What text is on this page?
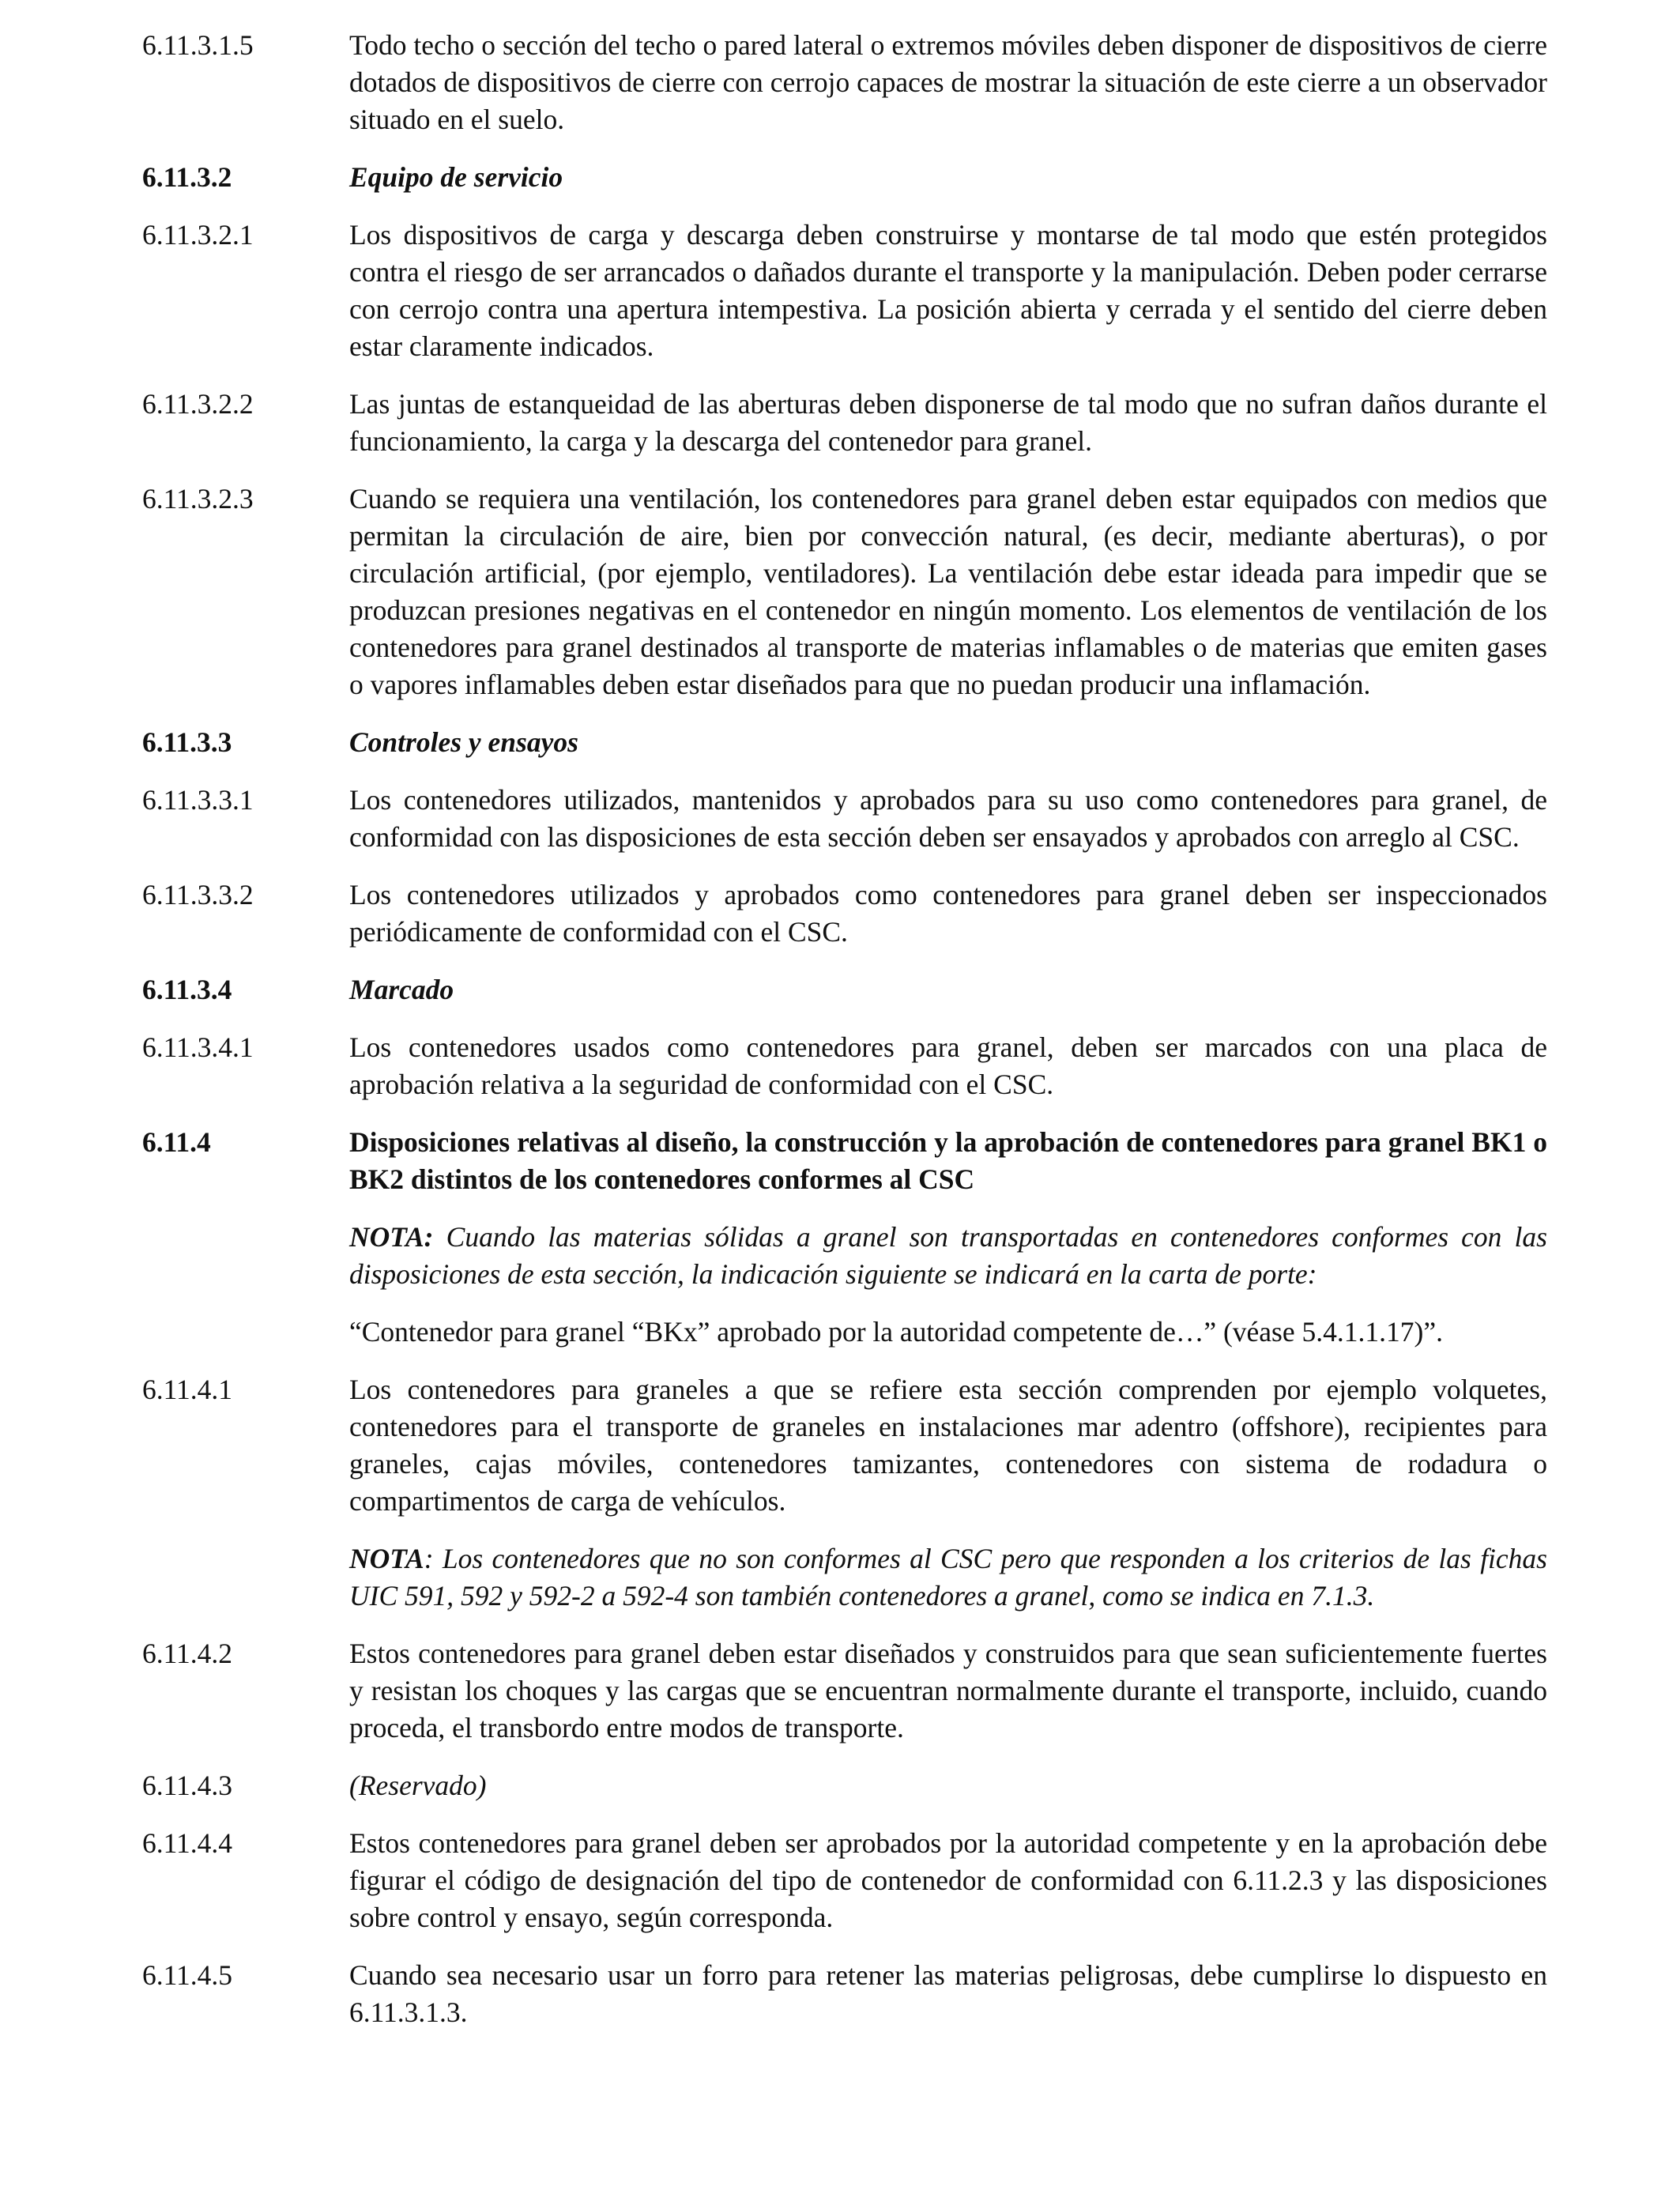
6.11.3.1.5	Todo techo o sección del techo o pared lateral o extremos móviles deben disponer de dispositivos de cierre dotados de dispositivos de cierre con cerrojo capaces de mostrar la situación de este cierre a un observador situado en el suelo.
6.11.3.2	Equipo de servicio
6.11.3.2.1	Los dispositivos de carga y descarga deben construirse y montarse de tal modo que estén protegidos contra el riesgo de ser arrancados o dañados durante el transporte y la manipulación. Deben poder cerrarse con cerrojo contra una apertura intempestiva. La posición abierta y cerrada y el sentido del cierre deben estar claramente indicados.
6.11.3.2.2	Las juntas de estanqueidad de las aberturas deben disponerse de tal modo que no sufran daños durante el funcionamiento, la carga y la descarga del contenedor para granel.
6.11.3.2.3	Cuando se requiera una ventilación, los contenedores para granel deben estar equipados con medios que permitan la circulación de aire, bien por convección natural, (es decir, mediante aberturas), o por circulación artificial, (por ejemplo, ventiladores). La ventilación debe estar ideada para impedir que se produzcan presiones negativas en el contenedor en ningún momento. Los elementos de ventilación de los contenedores para granel destinados al transporte de materias inflamables o de materias que emiten gases o vapores inflamables deben estar diseñados para que no puedan producir una inflamación.
6.11.3.3	Controles y ensayos
6.11.3.3.1	Los contenedores utilizados, mantenidos y aprobados para su uso como contenedores para granel, de conformidad con las disposiciones de esta sección deben ser ensayados y aprobados con arreglo al CSC.
6.11.3.3.2	Los contenedores utilizados y aprobados como contenedores para granel deben ser inspeccionados periódicamente de conformidad con el CSC.
6.11.3.4	Marcado
6.11.3.4.1	Los contenedores usados como contenedores para granel, deben ser marcados con una placa de aprobación relativa a la seguridad de conformidad con el CSC.
6.11.4	Disposiciones relativas al diseño, la construcción y la aprobación de contenedores para granel BK1 o BK2 distintos de los contenedores conformes al CSC
NOTA: Cuando las materias sólidas a granel son transportadas en contenedores conformes con las disposiciones de esta sección, la indicación siguiente se indicará en la carta de porte:
“Contenedor para granel “BKx” aprobado por la autoridad competente de…” (véase 5.4.1.1.17)”.
6.11.4.1	Los contenedores para graneles a que se refiere esta sección comprenden por ejemplo volquetes, contenedores para el transporte de graneles en instalaciones mar adentro (offshore), recipientes para graneles, cajas móviles, contenedores tamizantes, contenedores con sistema de rodadura o compartimentos de carga de vehículos.
NOTA: Los contenedores que no son conformes al CSC pero que responden a los criterios de las fichas UIC 591, 592 y 592-2 a 592-4 son también contenedores a granel, como se indica en 7.1.3.
6.11.4.2	Estos contenedores para granel deben estar diseñados y construidos para que sean suficientemente fuertes y resistan los choques y las cargas que se encuentran normalmente durante el transporte, incluido, cuando proceda, el transbordo entre modos de transporte.
6.11.4.3	(Reservado)
6.11.4.4	Estos contenedores para granel deben ser aprobados por la autoridad competente y en la aprobación debe figurar el código de designación del tipo de contenedor de conformidad con 6.11.2.3 y las disposiciones sobre control y ensayo, según corresponda.
6.11.4.5	Cuando sea necesario usar un forro para retener las materias peligrosas, debe cumplirse lo dispuesto en 6.11.3.1.3.
